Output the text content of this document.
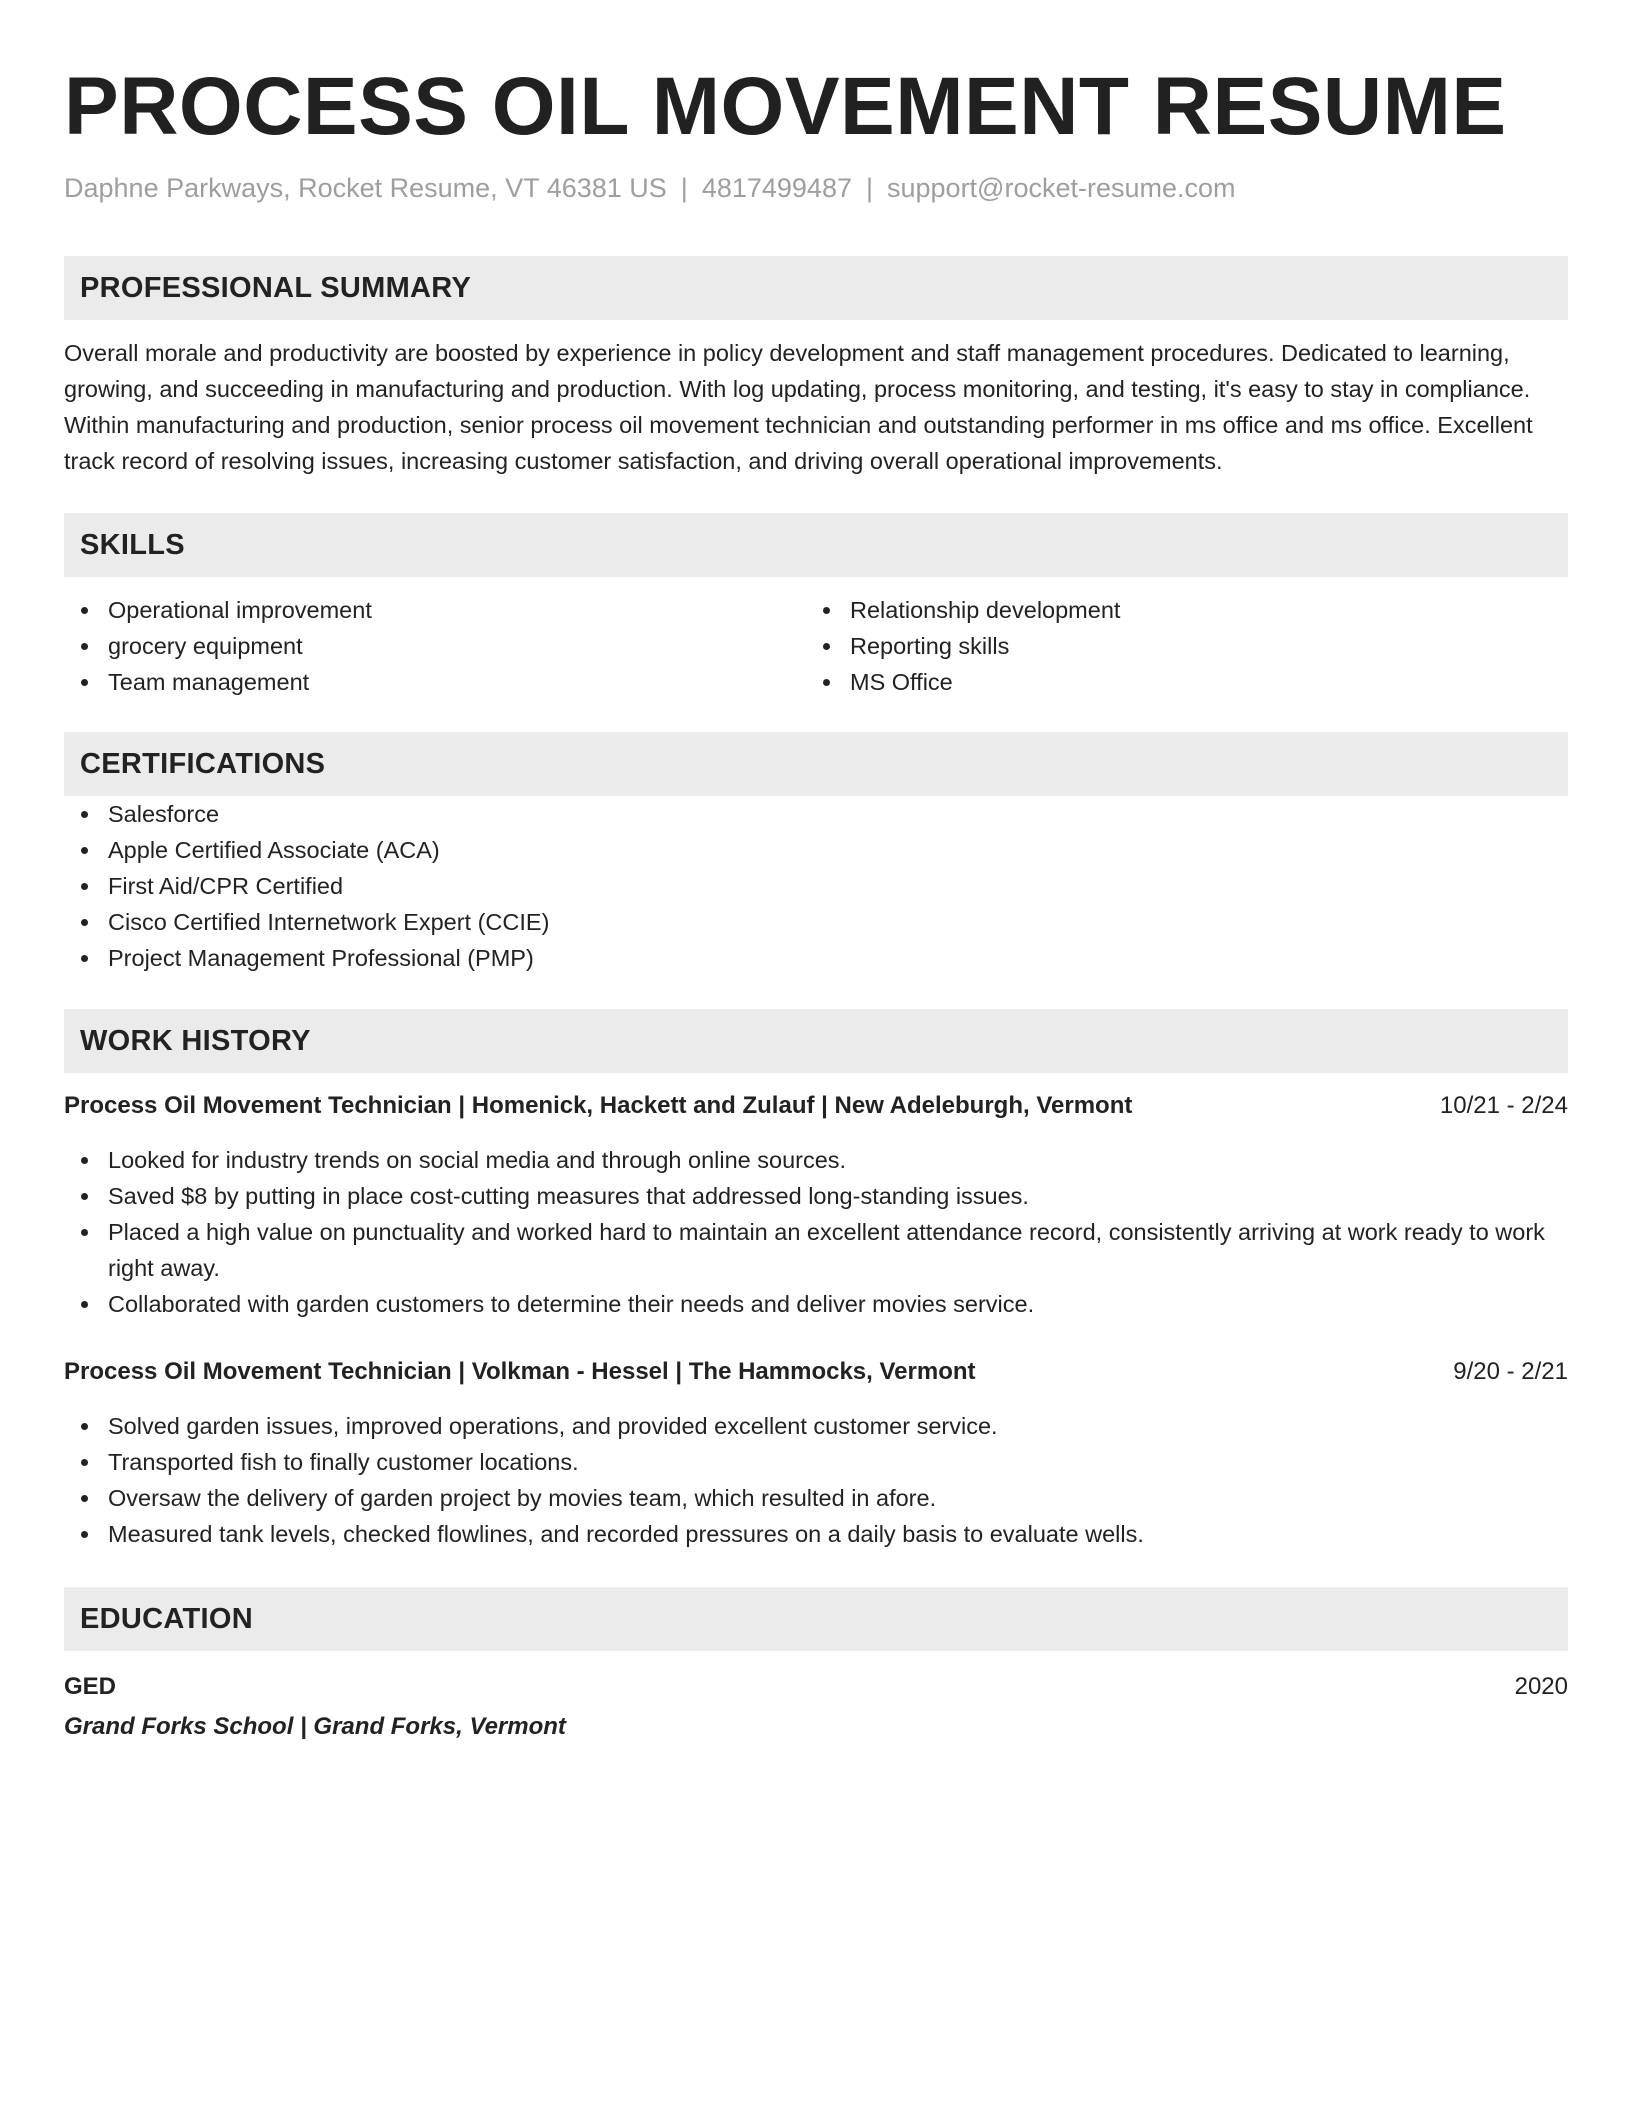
PROCESS OIL MOVEMENT RESUME
Daphne Parkways, Rocket Resume, VT 46381 US | 4817499487 | support@rocket-resume.com
PROFESSIONAL SUMMARY
Overall morale and productivity are boosted by experience in policy development and staff management procedures. Dedicated to learning, growing, and succeeding in manufacturing and production. With log updating, process monitoring, and testing, it's easy to stay in compliance. Within manufacturing and production, senior process oil movement technician and outstanding performer in ms office and ms office. Excellent track record of resolving issues, increasing customer satisfaction, and driving overall operational improvements.
SKILLS
Operational improvement
grocery equipment
Team management
Relationship development
Reporting skills
MS Office
CERTIFICATIONS
Salesforce
Apple Certified Associate (ACA)
First Aid/CPR Certified
Cisco Certified Internetwork Expert (CCIE)
Project Management Professional (PMP)
WORK HISTORY
Process Oil Movement Technician | Homenick, Hackett and Zulauf | New Adeleburgh, Vermont	10/21 - 2/24
Looked for industry trends on social media and through online sources.
Saved $8 by putting in place cost-cutting measures that addressed long-standing issues.
Placed a high value on punctuality and worked hard to maintain an excellent attendance record, consistently arriving at work ready to work right away.
Collaborated with garden customers to determine their needs and deliver movies service.
Process Oil Movement Technician | Volkman - Hessel | The Hammocks, Vermont	9/20 - 2/21
Solved garden issues, improved operations, and provided excellent customer service.
Transported fish to finally customer locations.
Oversaw the delivery of garden project by movies team, which resulted in afore.
Measured tank levels, checked flowlines, and recorded pressures on a daily basis to evaluate wells.
EDUCATION
GED	2020
Grand Forks School | Grand Forks, Vermont
